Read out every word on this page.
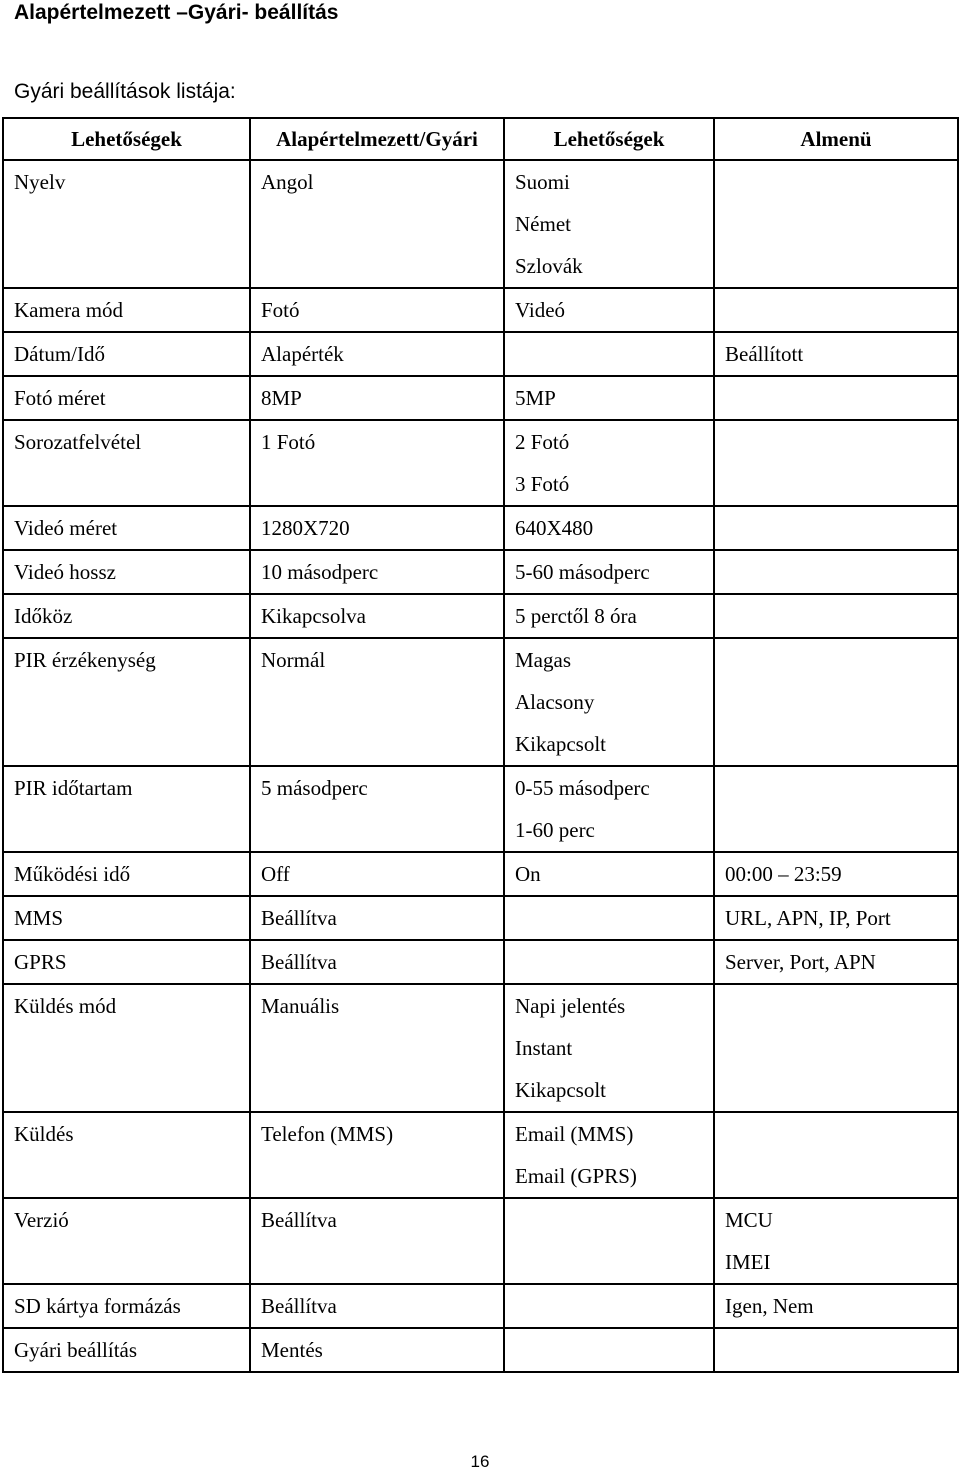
Alapértelmezett –Gyári- beállítás
Gyári beállítások listája:
Lehetőségek	Alapértelmezett/Gyári	Lehetőségek	Almenü

Nyelv	Angol	Suomi
Német
Szlovák	

Kamera mód	Fotó	Videó	

Dátum/Idő	Alapérték		Beállított

Fotó méret	8MP	5MP	

Sorozatfelvétel	1 Fotó	2 Fotó
3 Fotó	

Videó méret	1280X720	640X480	

Videó hossz	10 másodperc	5-60 másodperc	

Időköz	Kikapcsolva	5 perctől 8 óra	

PIR érzékenység	Normál	Magas
Alacsony
Kikapcsolt	

PIR időtartam	5 másodperc	0-55 másodperc
1-60 perc	

Működési idő	Off	On	00:00 – 23:59

MMS	Beállítva		URL, APN, IP, Port

GPRS	Beállítva		Server, Port, APN

Küldés mód	Manuális	Napi jelentés
Instant
Kikapcsolt	

Küldés	Telefon (MMS)	Email (MMS)
Email (GPRS)	

Verzió	Beállítva		MCU
IMEI

SD kártya formázás	Beállítva		Igen, Nem

Gyári beállítás	Mentés		

16
